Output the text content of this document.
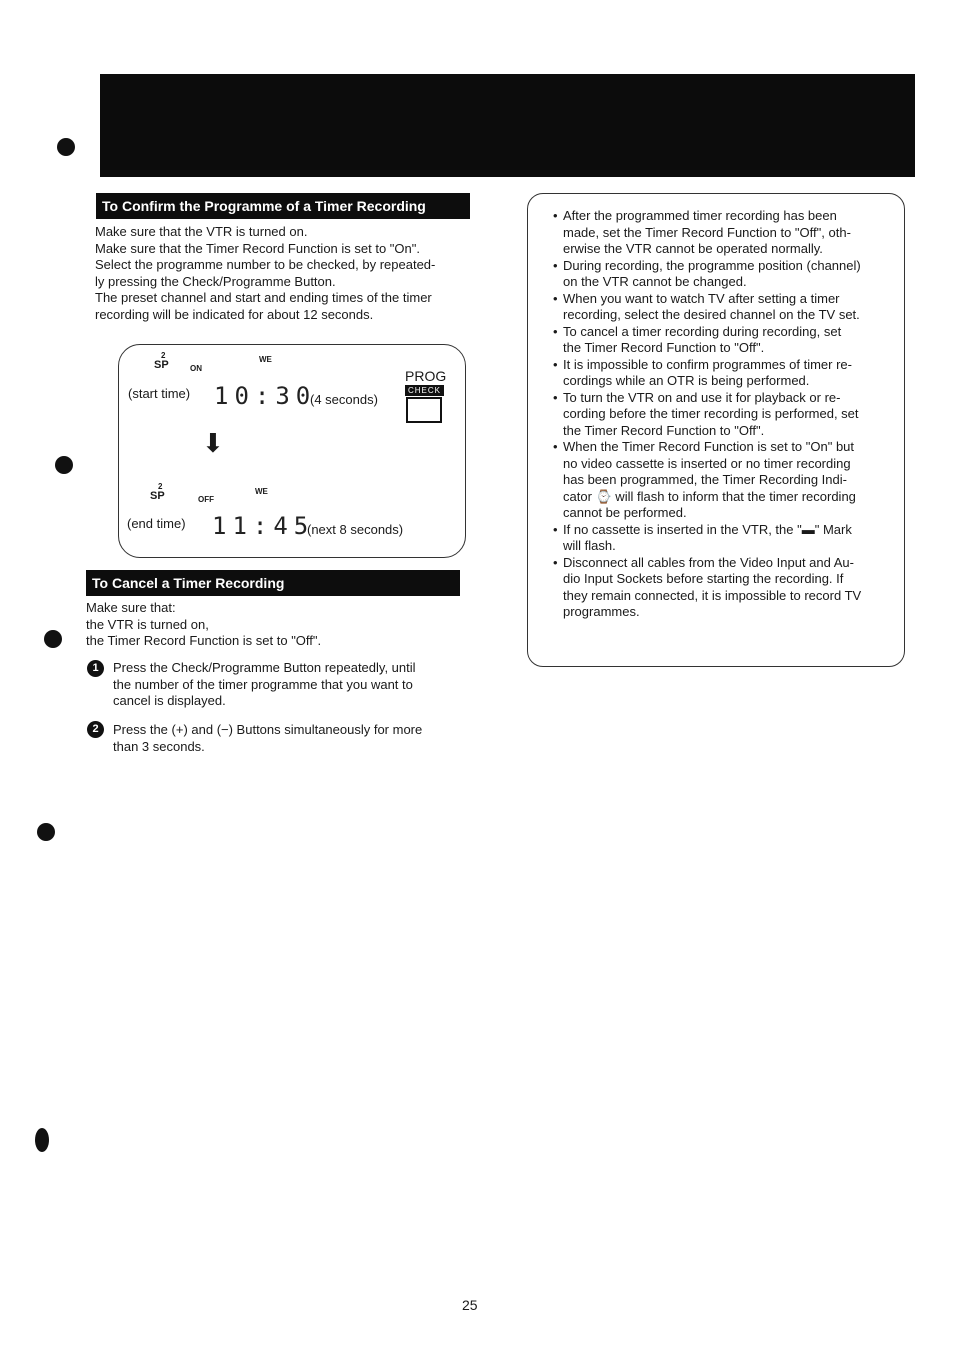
To Confirm the Programme of a Timer Recording
Make sure that the VTR is turned on.
Make sure that the Timer Record Function is set to "On".
Select the programme number to be checked, by repeated-
ly pressing the Check/Programme Button.
The preset channel and start and ending times of the timer
recording will be indicated for about 12 seconds.
2
SP	ON
WE
(start time) 10:30
(4 seconds)
PROG
CHECK
⬇
2
SP	OFF
WE
(end time) 11:45
(next 8 seconds)
To Cancel a Timer Recording
Make sure that:
the VTR is turned on,
the Timer Record Function is set to "Off".
1	Press the Check/Programme Button repeatedly, until
the number of the timer programme that you want to
cancel is displayed.
2	Press the (+) and (−) Buttons simultaneously for more
than 3 seconds.
• After the programmed timer recording has been
made, set the Timer Record Function to "Off", oth-
erwise the VTR cannot be operated normally.
• During recording, the programme position (channel)
on the VTR cannot be changed.
• When you want to watch TV after setting a timer
recording, select the desired channel on the TV set.
• To cancel a timer recording during recording, set
the Timer Record Function to "Off".
• It is impossible to confirm programmes of timer re-
cordings while an OTR is being performed.
• To turn the VTR on and use it for playback or re-
cording before the timer recording is performed, set
the Timer Record Function to "Off".
• When the Timer Record Function is set to "On" but
no video cassette is inserted or no timer recording
has been programmed, the Timer Recording Indi-
cator ⌚ will flash to inform that the timer recording
cannot be performed.
• If no cassette is inserted in the VTR, the "▬" Mark
will flash.
• Disconnect all cables from the Video Input and Au-
dio Input Sockets before starting the recording. If
they remain connected, it is impossible to record TV
programmes.
25
